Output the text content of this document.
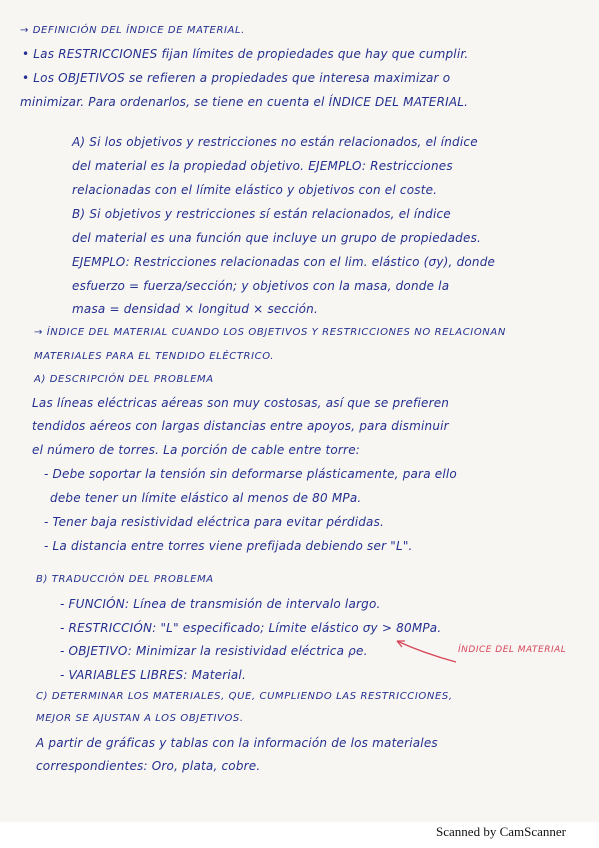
→ DEFINICIÓN DEL ÍNDICE DE MATERIAL.
• Las RESTRICCIONES fijan límites de propiedades que hay que cumplir.
• Los OBJETIVOS se refieren a propiedades que interesa maximizar o
minimizar. Para ordenarlos, se tiene en cuenta el ÍNDICE DEL MATERIAL.
A) Si los objetivos y restricciones no están relacionados, el índice
del material es la propiedad objetivo. EJEMPLO: Restricciones
relacionadas con el límite elástico y objetivos con el coste.
B) Si objetivos y restricciones sí están relacionados, el índice
del material es una función que incluye un grupo de propiedades.
EJEMPLO: Restricciones relacionadas con el lim. elástico (σy), donde
esfuerzo = fuerza/sección; y objetivos con la masa, donde la
masa = densidad × longitud × sección.
→ ÍNDICE DEL MATERIAL CUANDO LOS OBJETIVOS Y RESTRICCIONES NO RELACIONAN
MATERIALES PARA EL TENDIDO ELÉCTRICO.
A) DESCRIPCIÓN DEL PROBLEMA
Las líneas eléctricas aéreas son muy costosas, así que se prefieren
tendidos aéreos con largas distancias entre apoyos, para disminuir
el número de torres. La porción de cable entre torre:
- Debe soportar la tensión sin deformarse plásticamente, para ello
debe tener un límite elástico al menos de 80 MPa.
- Tener baja resistividad eléctrica para evitar pérdidas.
- La distancia entre torres viene prefijada debiendo ser "L".
B) TRADUCCIÓN DEL PROBLEMA
- FUNCIÓN: Línea de transmisión de intervalo largo.
- RESTRICCIÓN: "L" especificado; Límite elástico σy > 80MPa.
- OBJETIVO: Minimizar la resistividad eléctrica ρe.
- VARIABLES LIBRES: Material.
ÍNDICE DEL MATERIAL
C) DETERMINAR LOS MATERIALES, QUE, CUMPLIENDO LAS RESTRICCIONES,
MEJOR SE AJUSTAN A LOS OBJETIVOS.
A partir de gráficas y tablas con la información de los materiales
correspondientes: Oro, plata, cobre.
Scanned by CamScanner
